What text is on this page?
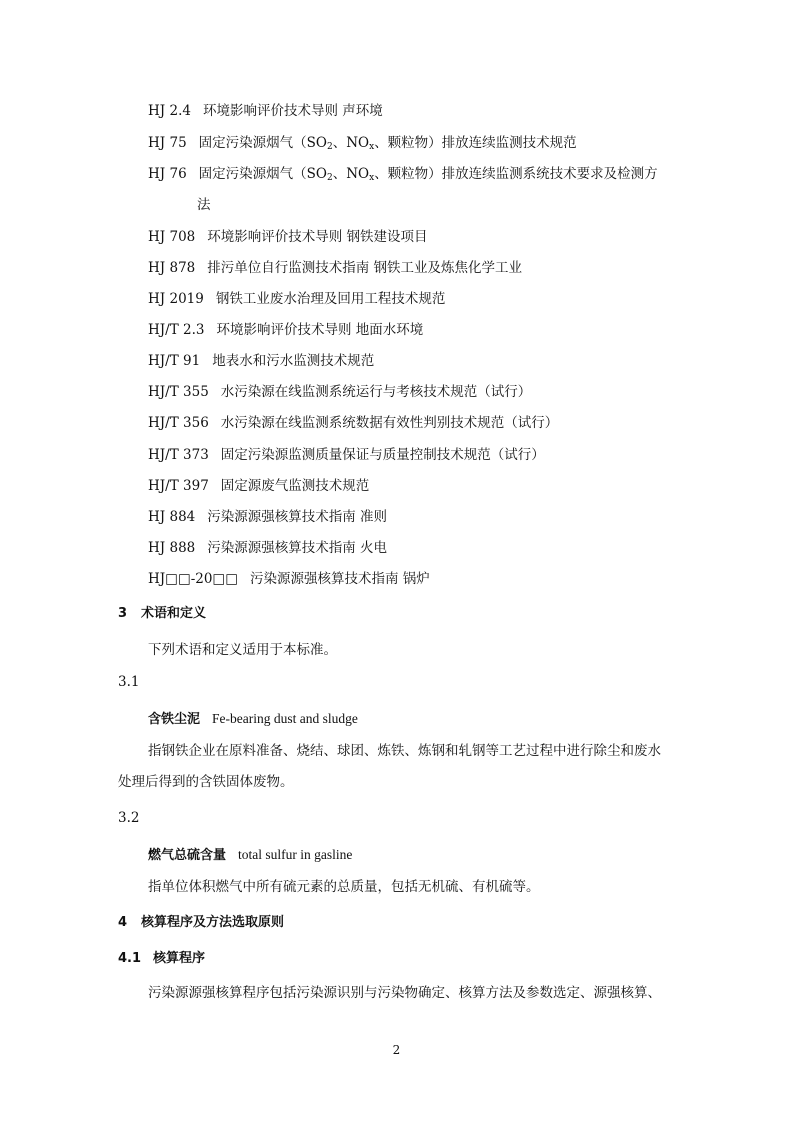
HJ 2.4 环境影响评价技术导则 声环境
HJ 75 固定污染源烟气（$SO_2$、$NO_x$、颗粒物）排放连续监测技术规范
HJ 76 固定污染源烟气（$SO_2$、$NO_x$、颗粒物）排放连续监测系统技术要求及检测方
法
HJ 708 环境影响评价技术导则 钢铁建设项目
HJ 878 排污单位自行监测技术指南 钢铁工业及炼焦化学工业
HJ 2019 钢铁工业废水治理及回用工程技术规范
HJ/T 2.3 环境影响评价技术导则 地面水环境
HJ/T 91 地表水和污水监测技术规范
HJ/T 355 水污染源在线监测系统运行与考核技术规范（试行）
HJ/T 356 水污染源在线监测系统数据有效性判别技术规范（试行）
HJ/T 373 固定污染源监测质量保证与质量控制技术规范（试行）
HJ/T 397 固定源废气监测技术规范
HJ 884 污染源源强核算技术指南 准则
HJ 888 污染源源强核算技术指南 火电
HJ□□-20□□ 污染源源强核算技术指南 锅炉
3 术语和定义
下列术语和定义适用于本标准。
3.1
含铁尘泥 Fe-bearing dust and sludge
指钢铁企业在原料准备、烧结、球团、炼铁、炼钢和轧钢等工艺过程中进行除尘和废水
处理后得到的含铁固体废物。
3.2
燃气总硫含量 total sulfur in gasline
指单位体积燃气中所有硫元素的总质量，包括无机硫、有机硫等。
4 核算程序及方法选取原则
4.1 核算程序
污染源源强核算程序包括污染源识别与污染物确定、核算方法及参数选定、源强核算、
2
